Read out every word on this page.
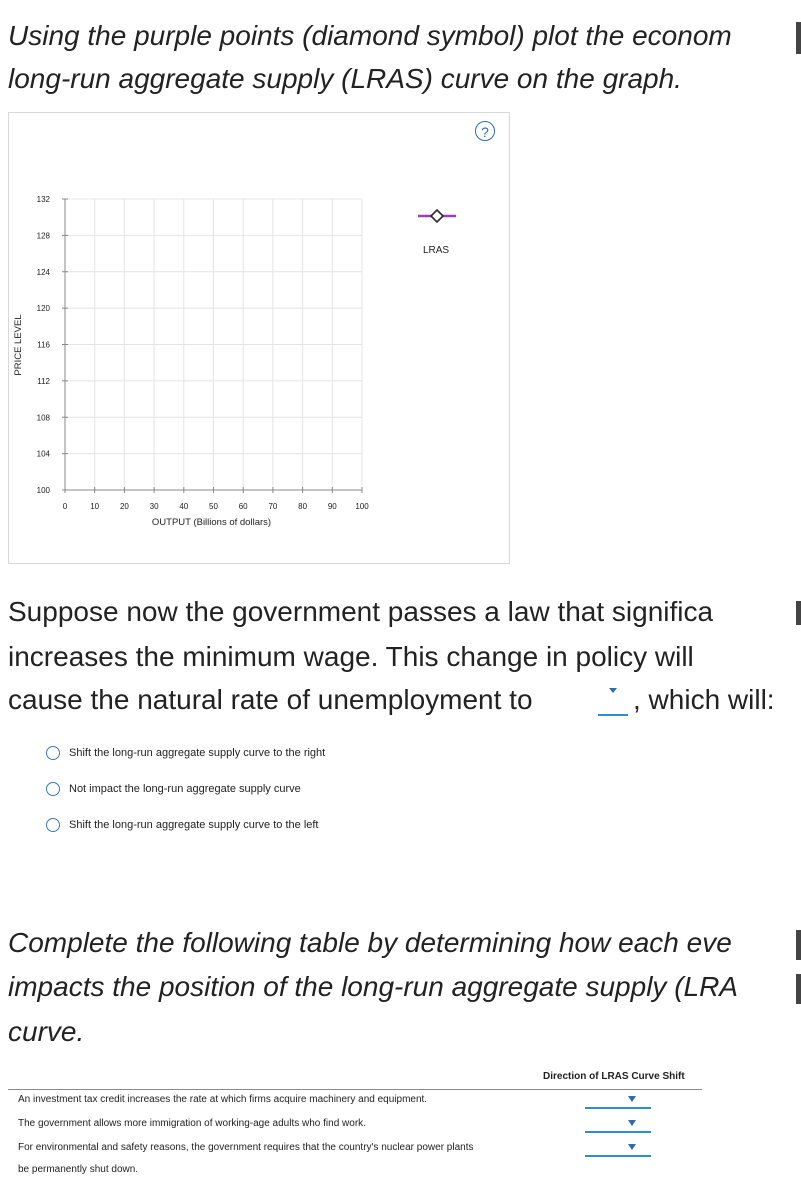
Using the purple points (diamond symbol) plot the econom
long-run aggregate supply (LRAS) curve on the graph.
?
0	10	20	30	40	50	60	70	80	90 100
100
104
108
112
116
120
124
128
132
OUTPUT (Billions of dollars)
PRICE LEVEL
LRAS
Suppose now the government passes a law that significa
increases the minimum wage. This change in policy will
cause the natural rate of unemployment to	, which will:
Shift the long-run aggregate supply curve to the right
Not impact the long-run aggregate supply curve
Shift the long-run aggregate supply curve to the left
Complete the following table by determining how each eve
impacts the position of the long-run aggregate supply (LRA
curve.
Direction of LRAS Curve Shift
An investment tax credit increases the rate at which firms acquire machinery and equipment.
The government allows more immigration of working-age adults who find work.
For environmental and safety reasons, the government requires that the country's nuclear power plants
be permanently shut down.
